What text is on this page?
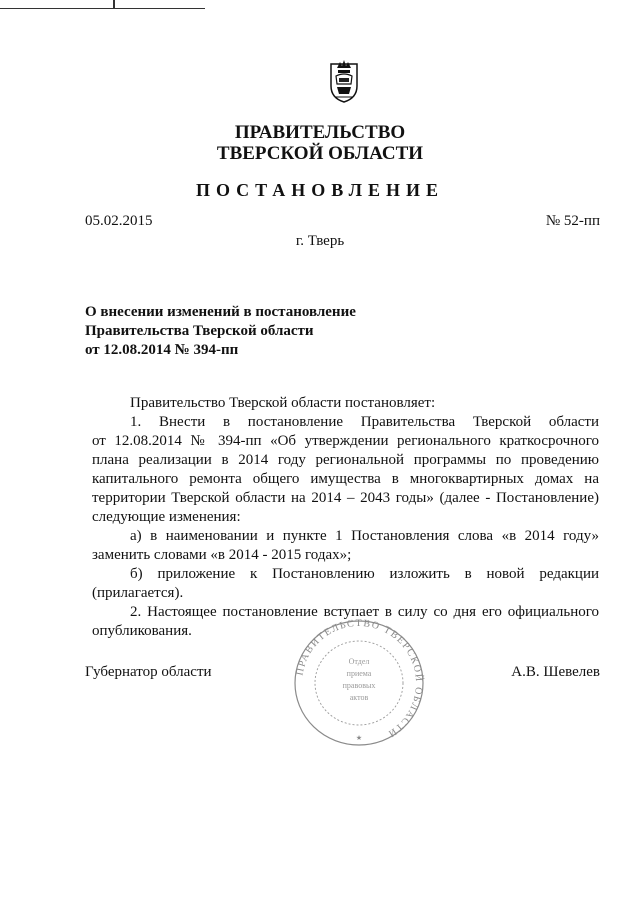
ПРАВИТЕЛЬСТВО
ТВЕРСКОЙ ОБЛАСТИ
ПОСТАНОВЛЕНИЕ
05.02.2015	№ 52-пп
г. Тверь
О внесении изменений в постановление
Правительства Тверской области
от 12.08.2014 № 394-пп
Правительство Тверской области постановляет:
1. Внести в постановление Правительства Тверской области
от 12.08.2014 № 394-пп «Об утверждении регионального краткосрочного
плана реализации в 2014 году региональной программы по проведению
капитального ремонта общего имущества в многоквартирных домах на
территории Тверской области на 2014 – 2043 годы» (далее - Постановление)
следующие изменения:
а) в наименовании и пункте 1 Постановления слова «в 2014 году»
заменить словами «в 2014 - 2015 годах»;
б) приложение к Постановлению изложить в новой редакции
(прилагается).
2. Настоящее постановление вступает в силу со дня его официального
опубликования.
Губернатор области	А.В. Шевелев
ПРАВИТЕЛЬСТВО ТВЕРСКОЙ ОБЛАСТИ
Отдел
приема
правовых
актов
★
